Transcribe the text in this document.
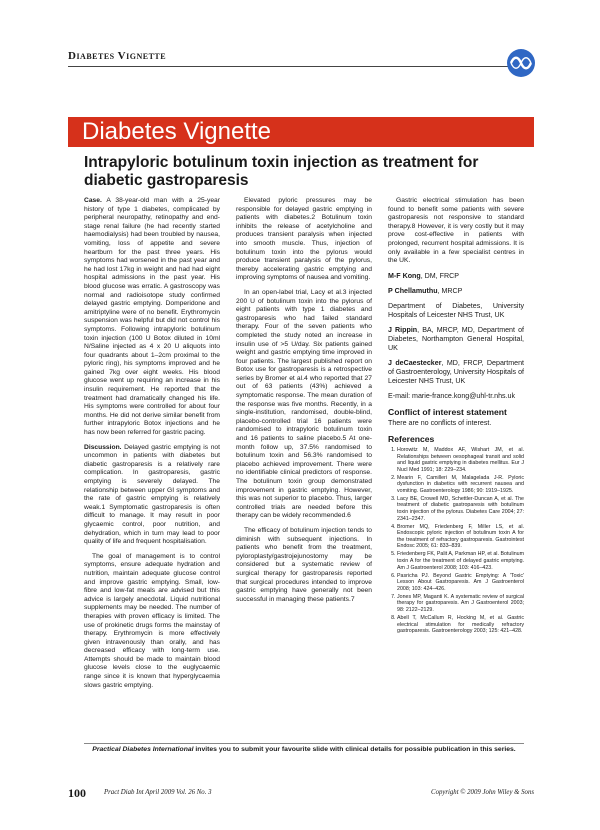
Diabetes Vignette
Diabetes Vignette
Intrapyloric botulinum toxin injection as treatment for diabetic gastroparesis

Case. A 38-year-old man with a 25-year history of type 1 diabetes, complicated by peripheral neuropathy, retinopathy and end-stage renal failure (he had recently started haemodialysis) had been troubled by nausea, vomiting, loss of appetite and severe heartburn for the past three years. His symptoms had worsened in the past year and he had lost 17kg in weight and had had eight hospital admissions in the past year. His blood glucose was erratic. A gastroscopy was normal and radioisotope study confirmed delayed gastric emptying. Domperidone and amitriptyline were of no benefit. Erythromycin suspension was helpful but did not control his symptoms. Following intrapyloric botulinum toxin injection (100 U Botox diluted in 10ml N/Saline injected as 4 x 20 U aliquots into four quadrants about 1–2cm proximal to the pyloric ring), his symptoms improved and he gained 7kg over eight weeks. His blood glucose went up requiring an increase in his insulin requirement. He reported that the treatment had dramatically changed his life. His symptoms were controlled for about four months. He did not derive similar benefit from further intrapyloric Botox injections and he has now been referred for gastric pacing.

Discussion. Delayed gastric emptying is not uncommon in patients with diabetes but diabetic gastroparesis is a relatively rare complication. In gastroparesis, gastric emptying is severely delayed. The relationship between upper GI symptoms and the rate of gastric emptying is relatively weak.1 Symptomatic gastroparesis is often difficult to manage. It may result in poor glycaemic control, poor nutrition, and dehydration, which in turn may lead to poor quality of life and frequent hospitalisation.

The goal of management is to control symptoms, ensure adequate hydration and nutrition, maintain adequate glucose control and improve gastric emptying. Small, low-fibre and low-fat meals are advised but this advice is largely anecdotal. Liquid nutritional supplements may be needed. The number of therapies with proven efficacy is limited. The use of prokinetic drugs forms the mainstay of therapy. Erythromycin is more effectively given intravenously than orally, and has decreased efficacy with long-term use. Attempts should be made to maintain blood glucose levels close to the euglycaemic range since it is known that hyperglycaemia slows gastric emptying.

Elevated pyloric pressures may be responsible for delayed gastric emptying in patients with diabetes.2 Botulinum toxin inhibits the release of acetylcholine and produces transient paralysis when injected into smooth muscle. Thus, injection of botulinum toxin into the pylorus would produce transient paralysis of the pylorus, thereby accelerating gastric emptying and improving symptoms of nausea and vomiting.

In an open-label trial, Lacy et al.3 injected 200 U of botulinum toxin into the pylorus of eight patients with type 1 diabetes and gastroparesis who had failed standard therapy. Four of the seven patients who completed the study noted an increase in insulin use of >5 U/day. Six patients gained weight and gastric emptying time improved in four patients. The largest published report on Botox use for gastroparesis is a retrospective series by Bromer et al.4 who reported that 27 out of 63 patients (43%) achieved a symptomatic response. The mean duration of the response was five months. Recently, in a single-institution, randomised, double-blind, placebo-controlled trial 16 patients were randomised to intrapyloric botulinum toxin and 16 patients to saline placebo.5 At one-month follow up, 37.5% randomised to botulinum toxin and 56.3% randomised to placebo achieved improvement. There were no identifiable clinical predictors of response. The botulinum toxin group demonstrated improvement in gastric emptying. However, this was not superior to placebo. Thus, larger controlled trials are needed before this therapy can be widely recommended.6

The efficacy of botulinum injection tends to diminish with subsequent injections. In patients who benefit from the treatment, pyloroplasty/gastrojejunostomy may be considered but a systematic review of surgical therapy for gastroparesis reported that surgical procedures intended to improve gastric emptying have generally not been successful in managing these patients.7

Gastric electrical stimulation has been found to benefit some patients with severe gastroparesis not responsive to standard therapy.8 However, it is very costly but it may prove cost-effective in patients with prolonged, recurrent hospital admissions. It is only available in a few specialist centres in the UK.

M-F Kong, DM, FRCP

P Chellamuthu, MRCP

Department of Diabetes, University Hospitals of Leicester NHS Trust, UK

J Rippin, BA, MRCP, MD, Department of Diabetes, Northampton General Hospital, UK

J deCaestecker, MD, FRCP, Department of Gastroenterology, University Hospitals of Leicester NHS Trust, UK

E-mail: marie-france.kong@uhl-tr.nhs.uk

Conflict of interest statement

There are no conflicts of interest.

References
1. Horowitz M, Maddox AF, Wishart JM, et al. Relationships between oesophageal transit and solid and liquid gastric emptying in diabetes mellitus. Eur J Nucl Med 1991; 18: 229–234.
2. Mearin F, Camilleri M, Malagelada J-R. Pyloric dysfunction in diabetics with recurrent nausea and vomiting. Gastroenterology 1986; 90: 1919–1925.
3. Lacy BE, Crowell MD, Schettler-Duncan A, et al. The treatment of diabetic gastroparesis with botulinum toxin injection of the pylorus. Diabetes Care 2004; 27: 2341–2347.
4. Bromer MQ, Friedenberg F, Miller LS, et al. Endoscopic pyloric injection of botulinum toxin A for the treatment of refractory gastroparesis. Gastrointest Endosc 2005; 61: 833–839.
5. Friedenberg FK, Palit A, Parkman HP, et al. Botulinum toxin A for the treatment of delayed gastric emptying. Am J Gastroenterol 2008; 103: 416–423.
6. Pasricha PJ. Beyond Gastric Emptying: A 'Toxic' Lesson About Gastroparesis. Am J Gastroenterol 2008; 103: 424–426.
7. Jones MP, Maganti K. A systematic review of surgical therapy for gastroparesis. Am J Gastroenterol 2003; 98: 2122–2129.
8. Abell T, McCallum R, Hocking M, et al. Gastric electrical stimulation for medically refractory gastroparesis. Gastroenterology 2003; 125: 421–428.
Practical Diabetes International invites you to submit your favourite slide with clinical details for possible publication in this series.
100	Pract Diab Int April 2009 Vol. 26 No. 3	Copyright © 2009 John Wiley & Sons
